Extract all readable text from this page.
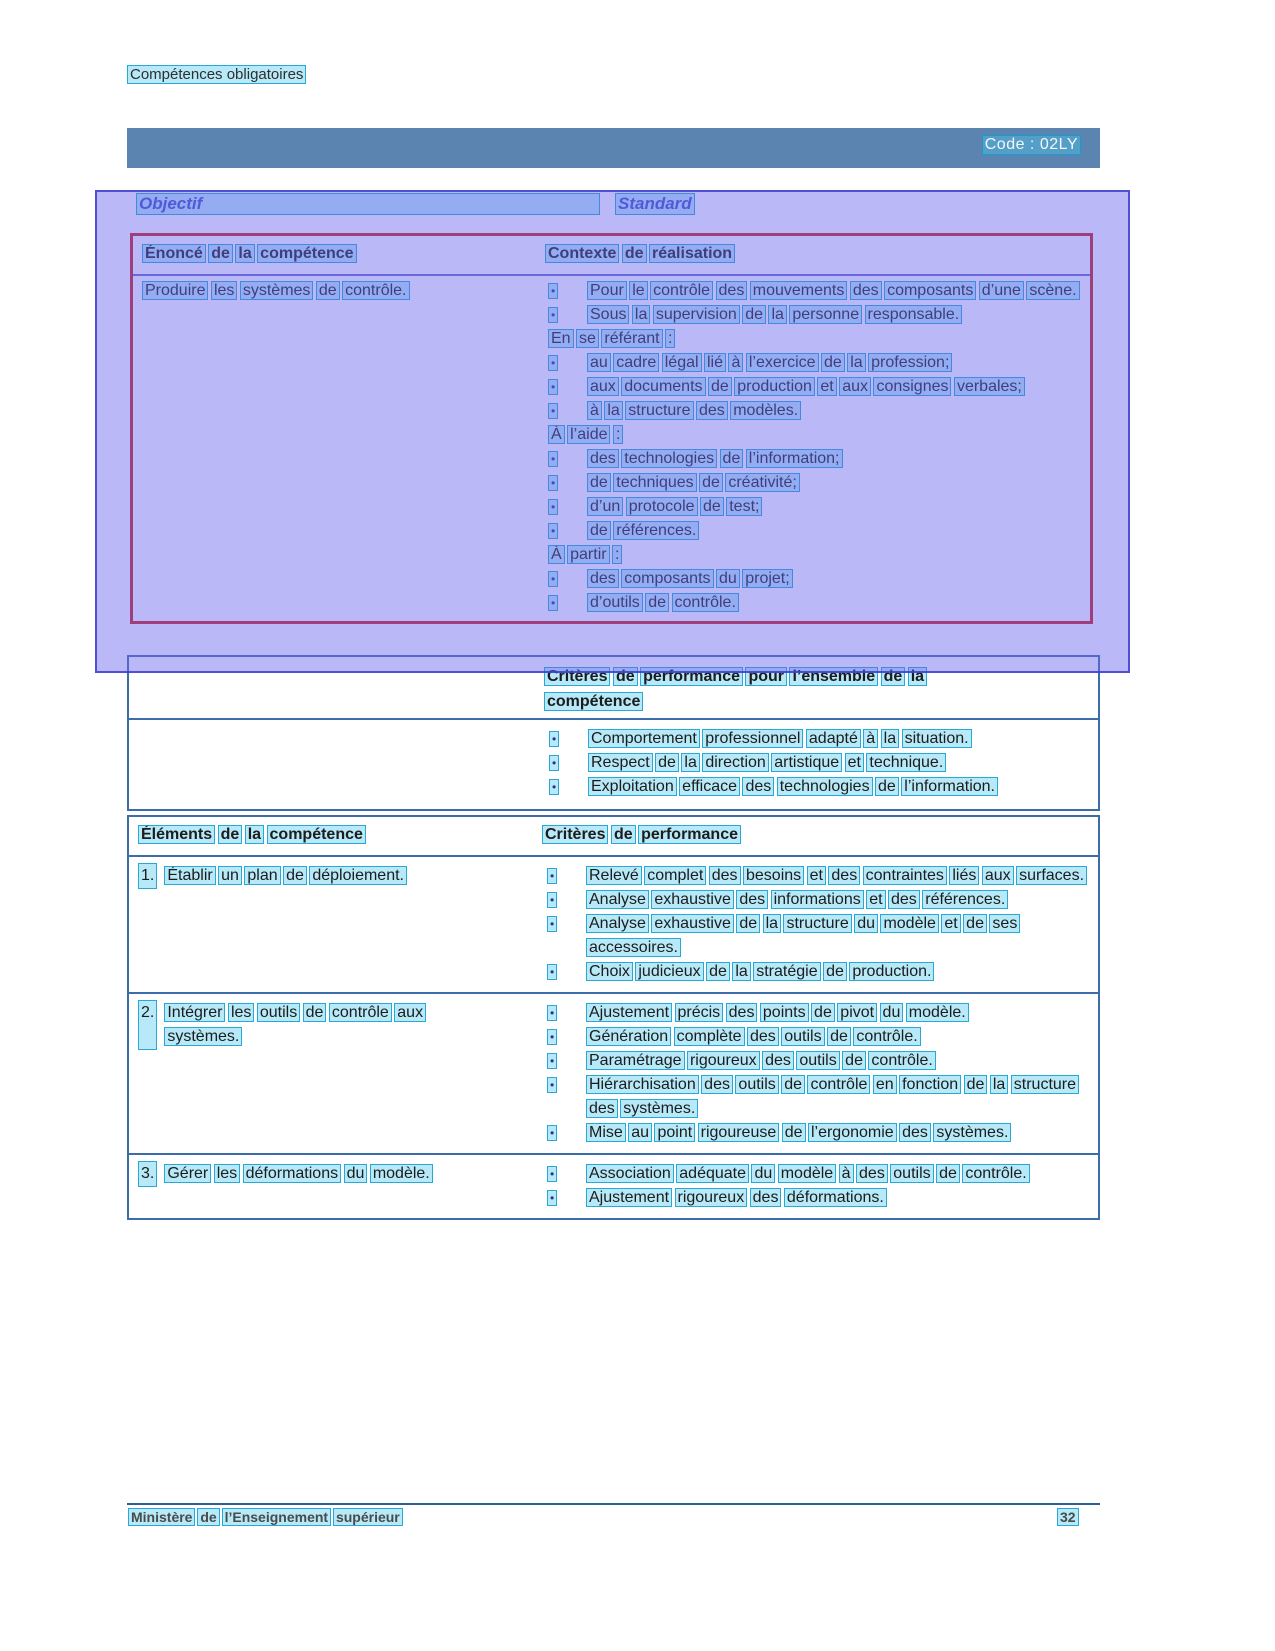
Compétences obligatoires
Code : 02LY
Objectif	Standard
Énoncé de la compétence	Contexte de réalisation
Produire les systèmes de contrôle.	•	Pour le contrôle des mouvements des composants d’une scène.
•	Sous la supervision de la personne responsable.
En se référant :
•	au cadre légal lié à l’exercice de la profession;
•	aux documents de production et aux consignes verbales;
•	à la structure des modèles.
À l’aide :
•	des technologies de l’information;
•	de techniques de créativité;
•	d’un protocole de test;
•	de références.
À partir :
•	des composants du projet;
•	d’outils de contrôle.
Critères de performance pour l’ensemble de la compétence
•	Comportement professionnel adapté à la situation.
•	Respect de la direction artistique et technique.
•	Exploitation efficace des technologies de l’information.
Éléments de la compétence	Critères de performance
1. Établir un plan de déploiement.	•	Relevé complet des besoins et des contraintes liés aux surfaces.
•	Analyse exhaustive des informations et des références.
•	Analyse exhaustive de la structure du modèle et de ses accessoires.
•	Choix judicieux de la stratégie de production.
2. Intégrer les outils de contrôle aux systèmes.
•	Ajustement précis des points de pivot du modèle.
•	Génération complète des outils de contrôle.
•	Paramétrage rigoureux des outils de contrôle.
•	Hiérarchisation des outils de contrôle en fonction de la structure des systèmes.
•	Mise au point rigoureuse de l’ergonomie des systèmes.
3. Gérer les déformations du modèle.	•	Association adéquate du modèle à des outils de contrôle.
•	Ajustement rigoureux des déformations.
Ministère de l’Enseignement supérieur	32
